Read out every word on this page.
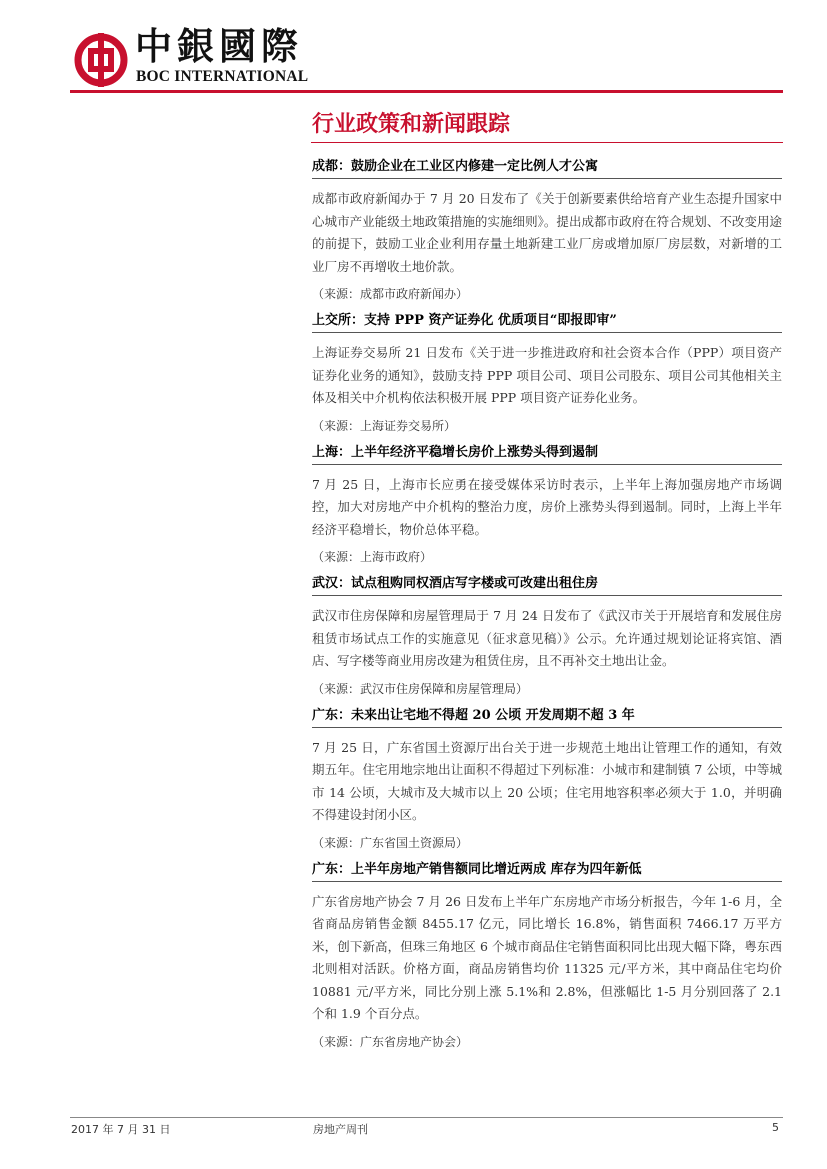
中銀國際
BOC INTERNATIONAL
行业政策和新闻跟踪
成都：鼓励企业在工业区内修建一定比例人才公寓

成都市政府新闻办于 7 月 20 日发布了《关于创新要素供给培育产业生态提升国家中心城市产业能级土地政策措施的实施细则》。提出成都市政府在符合规划、不改变用途的前提下，鼓励工业企业利用存量土地新建工业厂房或增加原厂房层数，对新增的工业厂房不再增收土地价款。

（来源：成都市政府新闻办）
上交所：支持 PPP 资产证券化 优质项目“即报即审”

上海证券交易所 21 日发布《关于进一步推进政府和社会资本合作（PPP）项目资产证券化业务的通知》，鼓励支持 PPP 项目公司、项目公司股东、项目公司其他相关主体及相关中介机构依法积极开展 PPP 项目资产证券化业务。

（来源：上海证券交易所）
上海：上半年经济平稳增长房价上涨势头得到遏制

7 月 25 日，上海市长应勇在接受媒体采访时表示，上半年上海加强房地产市场调控，加大对房地产中介机构的整治力度，房价上涨势头得到遏制。同时，上海上半年经济平稳增长，物价总体平稳。

（来源：上海市政府）
武汉：试点租购同权酒店写字楼或可改建出租住房

武汉市住房保障和房屋管理局于 7 月 24 日发布了《武汉市关于开展培育和发展住房租赁市场试点工作的实施意见（征求意见稿）》公示。允许通过规划论证将宾馆、酒店、写字楼等商业用房改建为租赁住房，且不再补交土地出让金。

（来源：武汉市住房保障和房屋管理局）
广东：未来出让宅地不得超 20 公顷 开发周期不超 3 年

7 月 25 日，广东省国土资源厅出台关于进一步规范土地出让管理工作的通知，有效期五年。住宅用地宗地出让面积不得超过下列标准：小城市和建制镇 7 公顷，中等城市 14 公顷，大城市及大城市以上 20 公顷；住宅用地容积率必须大于 1.0，并明确不得建设封闭小区。

（来源：广东省国土资源局）
广东：上半年房地产销售额同比增近两成 库存为四年新低

广东省房地产协会 7 月 26 日发布上半年广东房地产市场分析报告，今年 1-6 月，全省商品房销售金额 8455.17 亿元，同比增长 16.8%，销售面积 7466.17 万平方米，创下新高，但珠三角地区 6 个城市商品住宅销售面积同比出现大幅下降，粤东西北则相对活跃。价格方面，商品房销售均价 11325 元/平方米，其中商品住宅均价 10881 元/平方米，同比分别上涨 5.1%和 2.8%，但涨幅比 1-5 月分别回落了 2.1 个和 1.9 个百分点。

（来源：广东省房地产协会）
2017 年 7 月 31 日	房地产周刊	5
